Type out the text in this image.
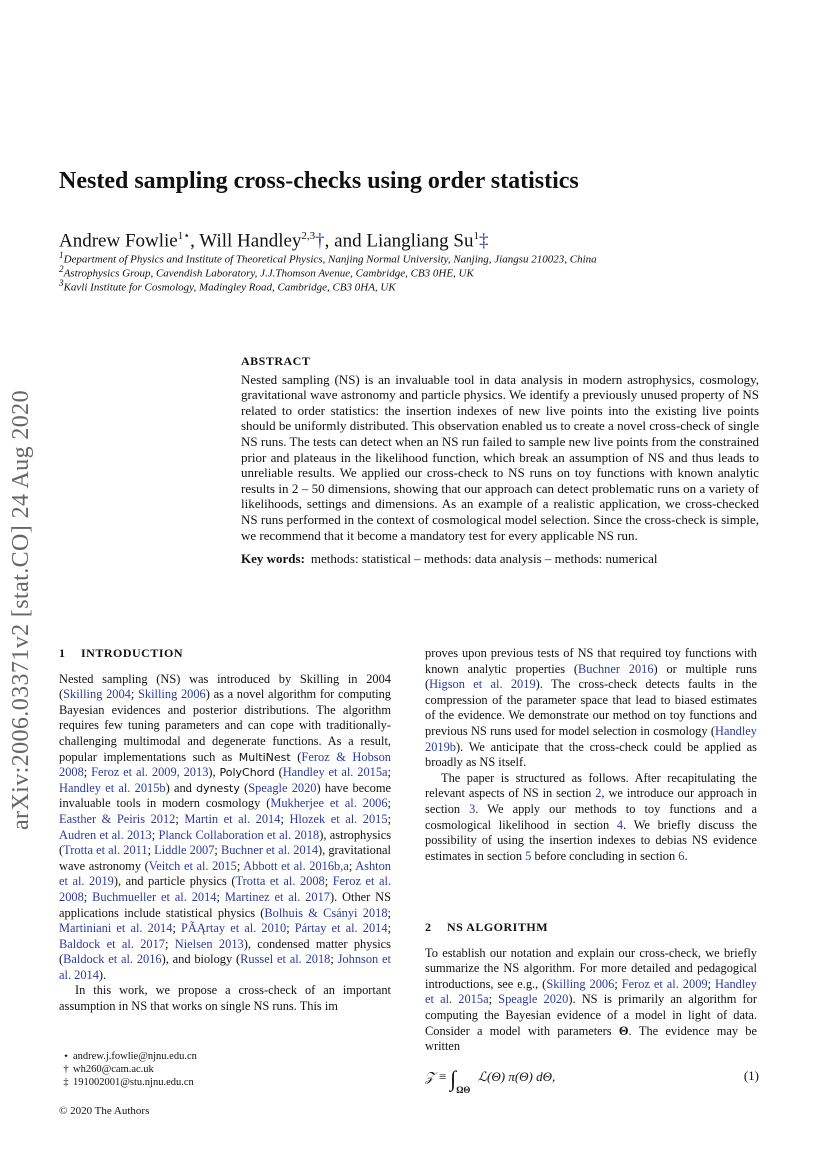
arXiv:2006.03371v2 [stat.CO] 24 Aug 2020
Nested sampling cross-checks using order statistics
Andrew Fowlie$^{1⋆}$, Will Handley$^{2,3}$†, and Liangliang Su$^1$‡
$^1$Department of Physics and Institute of Theoretical Physics, Nanjing Normal University, Nanjing, Jiangsu 210023, China
$^2$Astrophysics Group, Cavendish Laboratory, J.J.Thomson Avenue, Cambridge, CB3 0HE, UK
$^3$Kavli Institute for Cosmology, Madingley Road, Cambridge, CB3 0HA, UK
ABSTRACT

Nested sampling (NS) is an invaluable tool in data analysis in modern astrophysics, cosmology, gravitational wave astronomy and particle physics. We identify a previously unused property of NS related to order statistics: the insertion indexes of new live points into the existing live points should be uniformly distributed. This observation enabled us to create a novel cross-check of single NS runs. The tests can detect when an NS run failed to sample new live points from the constrained prior and plateaus in the likelihood function, which break an assumption of NS and thus leads to unreliable results. We applied our cross-check to NS runs on toy functions with known analytic results in 2 – 50 dimensions, showing that our approach can detect problematic runs on a variety of likelihoods, settings and dimensions. As an example of a realistic application, we cross-checked NS runs performed in the context of cosmological model selection. Since the cross-check is simple, we recommend that it become a mandatory test for every applicable NS run.

Key words: methods: statistical – methods: data analysis – methods: numerical

1 INTRODUCTION

Nested sampling (NS) was introduced by Skilling in 2004 (Skilling 2004; Skilling 2006) as a novel algorithm for computing Bayesian evidences and posterior distributions. The algorithm requires few tuning parameters and can cope with traditionally-challenging multimodal and degenerate functions. As a result, popular implementations such as MultiNest (Feroz & Hobson 2008; Feroz et al. 2009, 2013), PolyChord (Handley et al. 2015a; Handley et al. 2015b) and dynesty (Speagle 2020) have become invaluable tools in modern cosmology (Mukherjee et al. 2006; Easther & Peiris 2012; Martin et al. 2014; Hlozek et al. 2015; Audren et al. 2013; Planck Collaboration et al. 2018), astrophysics (Trotta et al. 2011; Liddle 2007; Buchner et al. 2014), gravitational wave astronomy (Veitch et al. 2015; Abbott et al. 2016b,a; Ashton et al. 2019), and particle physics (Trotta et al. 2008; Feroz et al. 2008; Buchmueller et al. 2014; Martinez et al. 2017). Other NS applications include statistical physics (Bolhuis & Csányi 2018; Martiniani et al. 2014; PÃĄrtay et al. 2010; Pártay et al. 2014; Baldock et al. 2017; Nielsen 2013), condensed matter physics (Baldock et al. 2016), and biology (Russel et al. 2018; Johnson et al. 2014).

In this work, we propose a cross-check of an important assumption in NS that works on single NS runs. This im

proves upon previous tests of NS that required toy functions with known analytic properties (Buchner 2016) or multiple runs (Higson et al. 2019). The cross-check detects faults in the compression of the parameter space that lead to biased estimates of the evidence. We demonstrate our method on toy functions and previous NS runs used for model selection in cosmology (Handley 2019b). We anticipate that the cross-check could be applied as broadly as NS itself.

The paper is structured as follows. After recapitulating the relevant aspects of NS in section 2, we introduce our approach in section 3. We apply our methods to toy functions and a cosmological likelihood in section 4. We briefly discuss the possibility of using the insertion indexes to debias NS evidence estimates in section 5 before concluding in section 6.

2 NS ALGORITHM

To establish our notation and explain our cross-check, we briefly summarize the NS algorithm. For more detailed and pedagogical introductions, see e.g., (Skilling 2006; Feroz et al. 2009; Handley et al. 2015a; Speagle 2020). NS is primarily an algorithm for computing the Bayesian evidence of a model in light of data. Consider a model with parameters Θ. The evidence may be written

𝒵 ≡ $\int_{\Omega\Theta}$ ℒ(Θ) π(Θ) dΘ,	(1)
⋆ andrew.j.fowlie@njnu.edu.cn
† wh260@cam.ac.uk
‡ 191002001@stu.njnu.edu.cn
© 2020 The Authors
